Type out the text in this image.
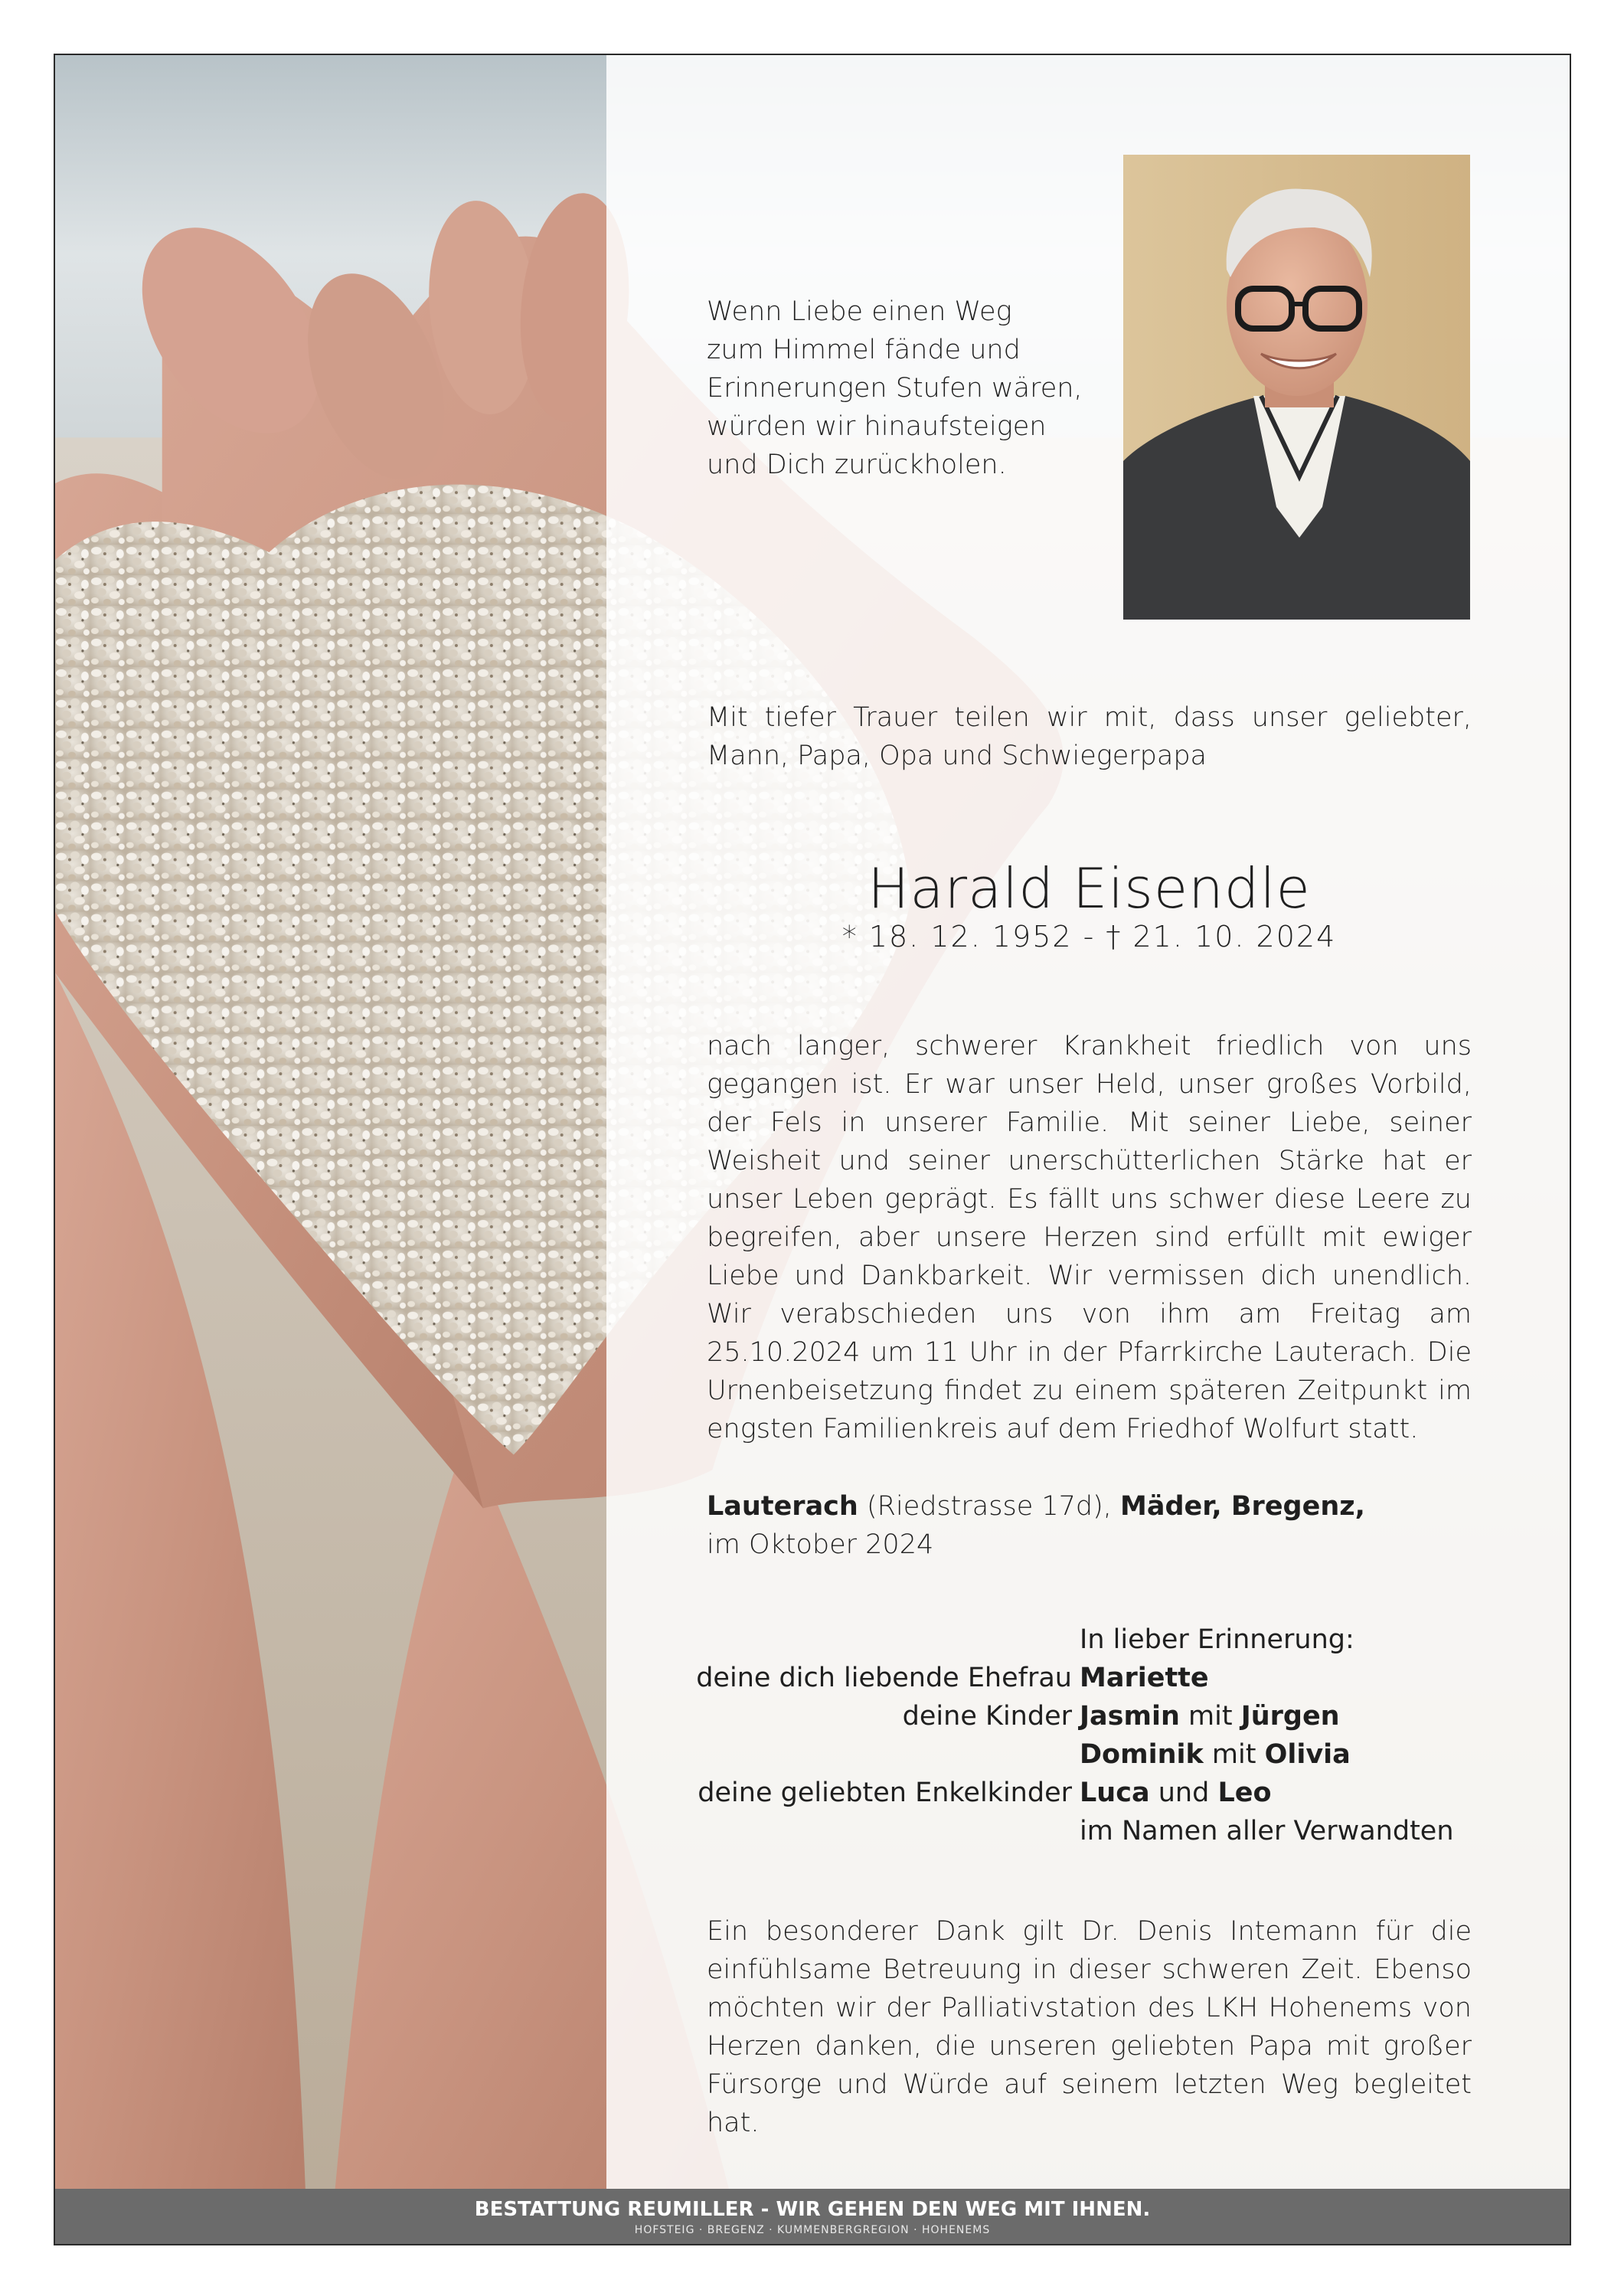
Wenn Liebe einen Weg
zum Himmel fände und
Erinnerungen Stufen wären,
würden wir hinaufsteigen
und Dich zurückholen.

Mit tiefer Trauer teilen wir mit, dass unser geliebter, Mann, Papa, Opa und Schwiegerpapa

Harald Eisendle

* 18. 12. 1952 - † 21. 10. 2024

nach langer, schwerer Krankheit friedlich von uns gegangen ist. Er war unser Held, unser großes Vorbild, der Fels in unserer Familie. Mit seiner Liebe, seiner Weisheit und seiner unerschütterlichen Stärke hat er unser Leben geprägt. Es fällt uns schwer diese Leere zu begreifen, aber unsere Herzen sind erfüllt mit ewiger Liebe und Dankbarkeit. Wir vermissen dich unendlich. Wir verabschieden uns von ihm am Freitag am 25.10.2024 um 11 Uhr in der Pfarrkirche Lauterach. Die Urnenbeisetzung findet zu einem späteren Zeitpunkt im engsten Familienkreis auf dem Friedhof Wolfurt statt.

Lauterach (Riedstrasse 17d), Mäder, Bregenz,
im Oktober 2024

In lieber Erinnerung:

deine dich liebende Ehefrau Mariette

deine Kinder Jasmin mit Jürgen

Dominik mit Olivia

deine geliebten Enkelkinder Luca und Leo

im Namen aller Verwandten

Ein besonderer Dank gilt Dr. Denis Intemann für die einfühlsame Betreuung in dieser schweren Zeit. Ebenso möchten wir der Palliativstation des LKH Hohenems von Herzen danken, die unseren geliebten Papa mit großer Fürsorge und Würde auf seinem letzten Weg begleitet hat.

BESTATTUNG REUMILLER - WIR GEHEN DEN WEG MIT IHNEN.
HOFSTEIG · BREGENZ · KUMMENBERGREGION · HOHENEMS
